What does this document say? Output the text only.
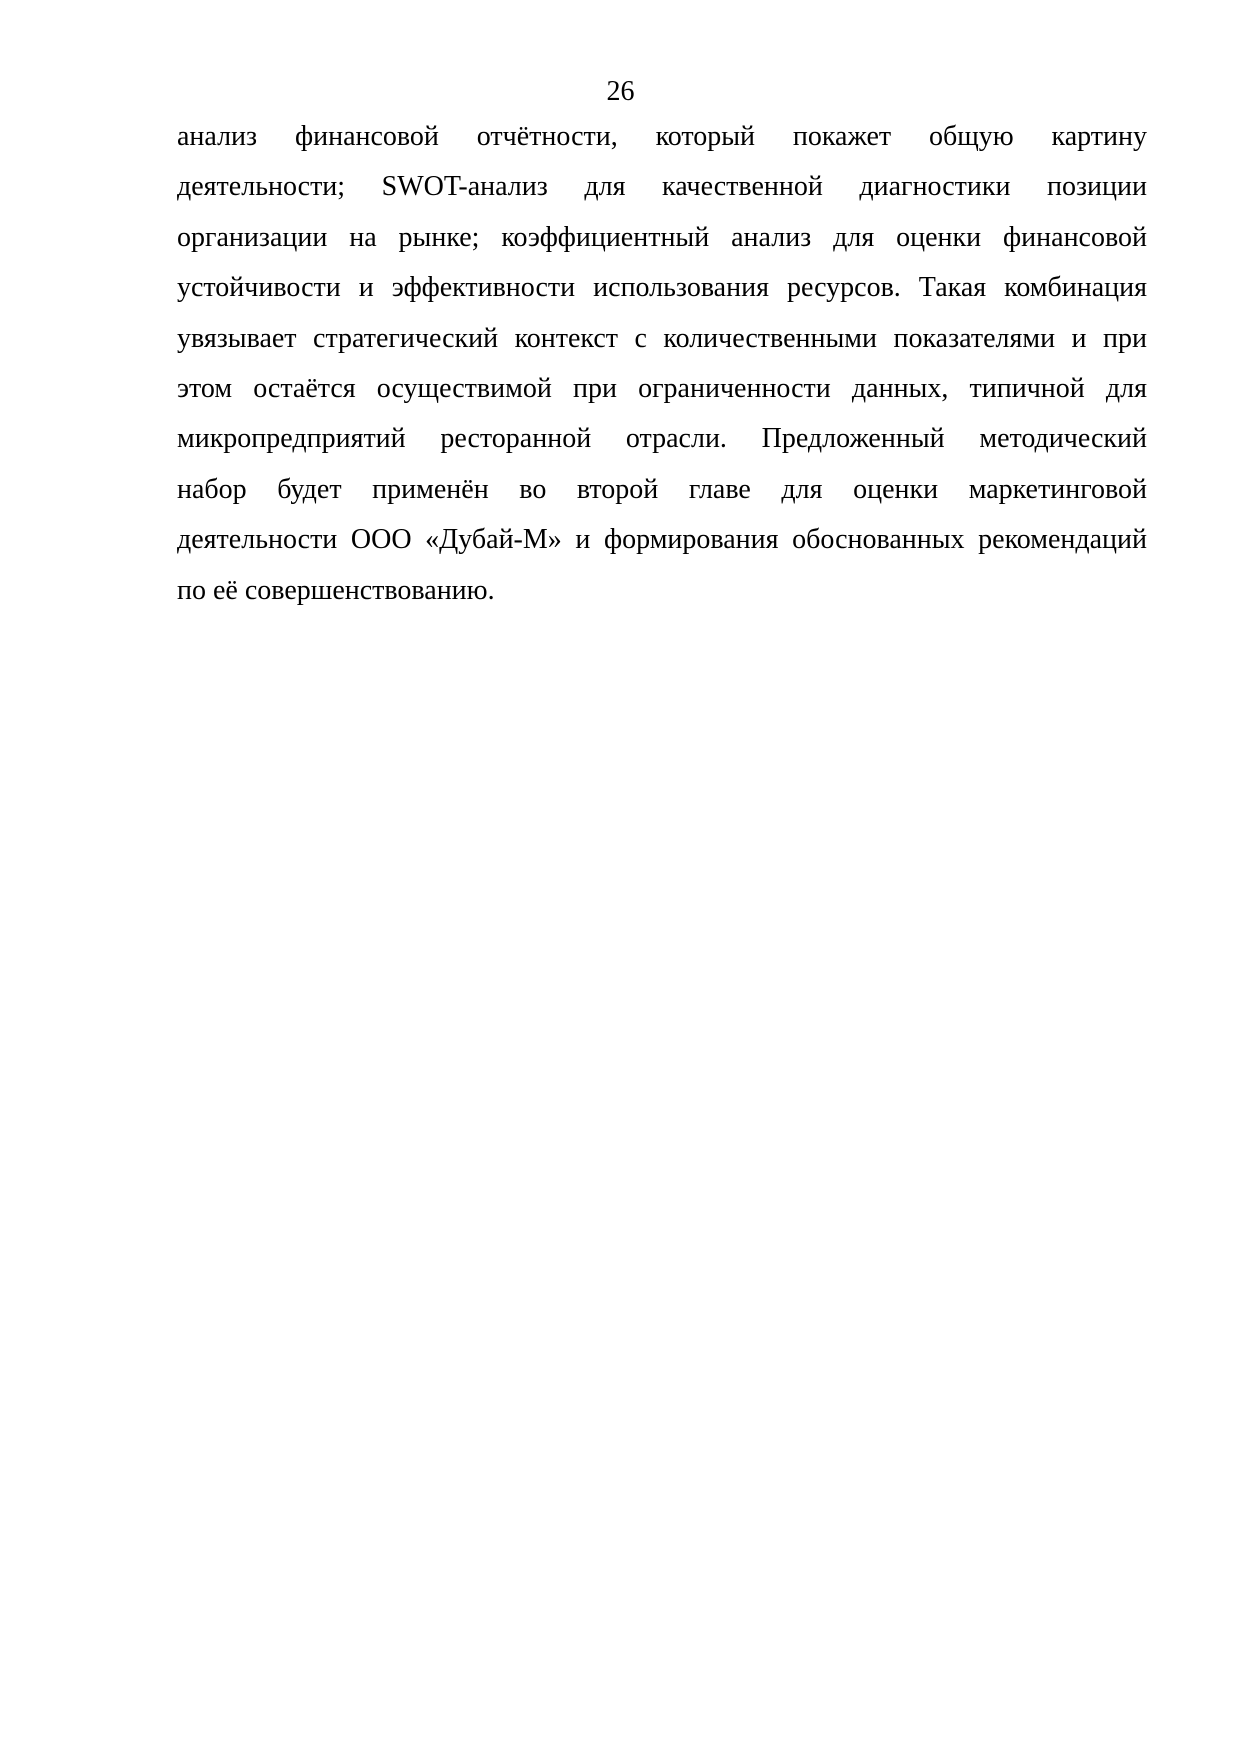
26

анализ финансовой отчётности, который покажет общую картину
деятельности; SWOT-анализ для качественной диагностики позиции
организации на рынке; коэффициентный анализ для оценки финансовой
устойчивости и эффективности использования ресурсов. Такая комбинация
увязывает стратегический контекст с количественными показателями и при
этом остаётся осуществимой при ограниченности данных, типичной для
микропредприятий ресторанной отрасли. Предложенный методический
набор будет применён во второй главе для оценки маркетинговой
деятельности ООО «Дубай-М» и формирования обоснованных рекомендаций
по её совершенствованию.
